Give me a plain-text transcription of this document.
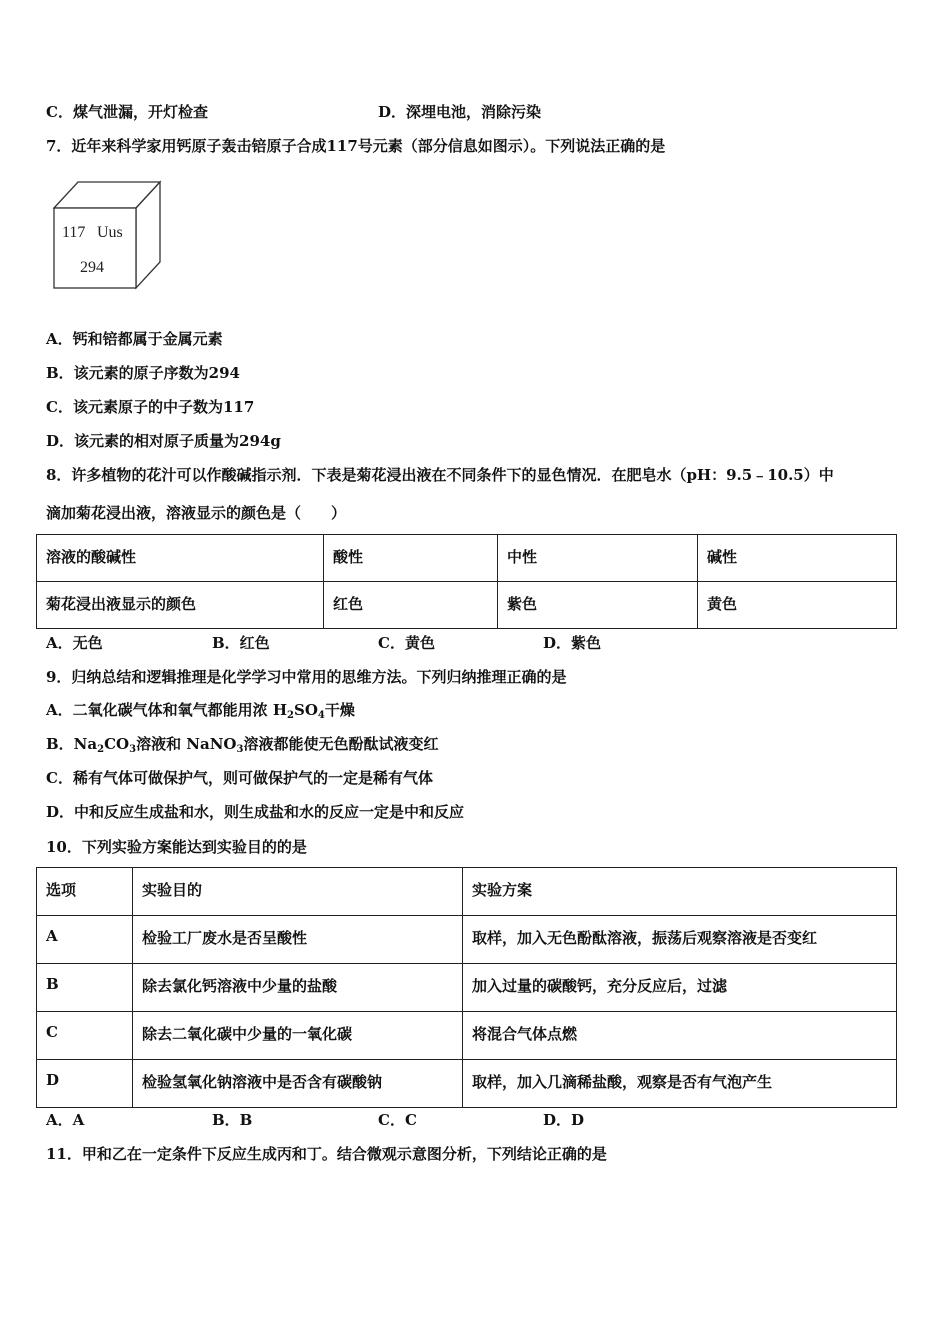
C．煤气泄漏，开灯检查	D．深埋电池，消除污染
7．近年来科学家用钙原子轰击锫原子合成117号元素（部分信息如图示）。下列说法正确的是
117 Uus
294
A．钙和锫都属于金属元素
B．该元素的原子序数为294
C．该元素原子的中子数为117
D．该元素的相对原子质量为294g
8．许多植物的花汁可以作酸碱指示剂．下表是菊花浸出液在不同条件下的显色情况．在肥皂水（pH：9.5﹣10.5）中
滴加菊花浸出液，溶液显示的颜色是（　　）
溶液的酸碱性	酸性	中性	碱性
菊花浸出液显示的颜色	红色	紫色	黄色
A．无色	B．红色	C．黄色	D．紫色
9．归纳总结和逻辑推理是化学学习中常用的思维方法。下列归纳推理正确的是
A．二氧化碳气体和氧气都能用浓 $H_2SO_4$干燥
B．$Na_2CO_3$溶液和 NaNO$_3$溶液都能使无色酚酞试液变红
C．稀有气体可做保护气，则可做保护气的一定是稀有气体
D．中和反应生成盐和水，则生成盐和水的反应一定是中和反应
10．下列实验方案能达到实验目的的是
选项	实验目的	实验方案
A	检验工厂废水是否呈酸性	取样，加入无色酚酞溶液，振荡后观察溶液是否变红
B	除去氯化钙溶液中少量的盐酸	加入过量的碳酸钙，充分反应后，过滤
C	除去二氧化碳中少量的一氧化碳	将混合气体点燃
D	检验氢氧化钠溶液中是否含有碳酸钠	取样，加入几滴稀盐酸，观察是否有气泡产生
A．A	B．B	C．C	D．D
11．甲和乙在一定条件下反应生成丙和丁。结合微观示意图分析，下列结论正确的是
